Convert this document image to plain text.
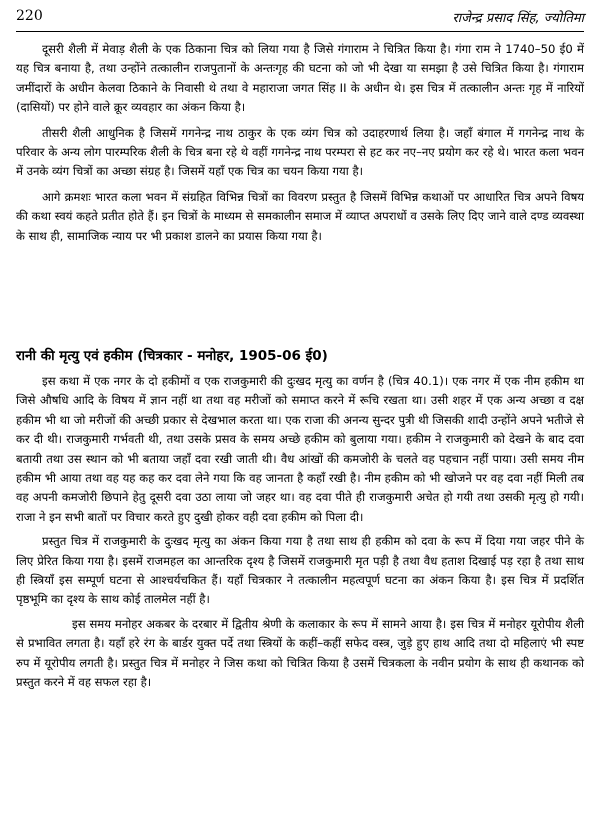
220	राजेन्द्र प्रसाद सिंह, ज्योतिमा

दूसरी शैली में मेवाड़ शैली के एक ठिकाना चित्र को लिया गया है जिसे गंगाराम ने चित्रित किया है। गंगा राम ने 1740–50 ई0 में यह चित्र बनाया है, तथा उन्होंने तत्कालीन राजपुतानों के अन्तःगृह की घटना को जो भी देखा या समझा है उसे चित्रित किया है। गंगाराम जमींदारों के अधीन केलवा ठिकाने के निवासी थे तथा वे महाराजा जगत सिंह II के अधीन थे। इस चित्र में तत्कालीन अन्तः गृह में नारियों (दासियों) पर होने वाले क्रूर व्यवहार का अंकन किया है।

तीसरी शैली आधुनिक है जिसमें गगनेन्द्र नाथ ठाकुर के एक व्यंग चित्र को उदाहरणार्थ लिया है। जहाँ बंगाल में गगनेन्द्र नाथ के परिवार के अन्य लोग पारम्परिक शैली के चित्र बना रहे थे वहीं गगनेन्द्र नाथ परम्परा से हट कर नए–नए प्रयोग कर रहे थे। भारत कला भवन में उनके व्यंग चित्रों का अच्छा संग्रह है। जिसमें यहाँ एक चित्र का चयन किया गया है।

आगे क्रमशः भारत कला भवन में संग्रहित विभिन्न चित्रों का विवरण प्रस्तुत है जिसमें विभिन्न कथाओं पर आधारित चित्र अपने विषय की कथा स्वयं कहते प्रतीत होते हैं। इन चित्रों के माध्यम से समकालीन समाज में व्याप्त अपराधों व उसके लिए दिए जाने वाले दण्ड व्यवस्था के साथ ही, सामाजिक न्याय पर भी प्रकाश डालने का प्रयास किया गया है।

रानी की मृत्यु एवं हकीम (चित्रकार - मनोहर, 1905-06 ई0)

इस कथा में एक नगर के दो हकीमों व एक राजकुमारी की दुःखद मृत्यु का वर्णन है (चित्र 40.1)। एक नगर में एक नीम हकीम था जिसे औषधि आदि के विषय में ज्ञान नहीं था तथा वह मरीजों को समाप्त करने में रूचि रखता था। उसी शहर में एक अन्य अच्छा व दक्ष हकीम भी था जो मरीजों की अच्छी प्रकार से देखभाल करता था। एक राजा की अनन्य सुन्दर पुत्री थी जिसकी शादी उन्होंने अपने भतीजे से कर दी थी। राजकुमारी गर्भवती थी, तथा उसके प्रसव के समय अच्छे हकीम को बुलाया गया। हकीम ने राजकुमारी को देखने के बाद दवा बतायी तथा उस स्थान को भी बताया जहाँ दवा रखी जाती थी। वैध आंखों की कमजोरी के चलते वह पहचान नहीं पाया। उसी समय नीम हकीम भी आया तथा वह यह कह कर दवा लेने गया कि वह जानता है कहाँ रखी है। नीम हकीम को भी खोजने पर वह दवा नहीं मिली तब वह अपनी कमजोरी छिपाने हेतु दूसरी दवा उठा लाया जो जहर था। वह दवा पीते ही राजकुमारी अचेत हो गयी तथा उसकी मृत्यु हो गयी। राजा ने इन सभी बातों पर विचार करते हुए दुखी होकर वही दवा हकीम को पिला दी।

प्रस्तुत चित्र में राजकुमारी के दुःखद मृत्यु का अंकन किया गया है तथा साथ ही हकीम को दवा के रूप में दिया गया जहर पीने के लिए प्रेरित किया गया है। इसमें राजमहल का आन्तरिक दृश्य है जिसमें राजकुमारी मृत पड़ी है तथा वैध हताश दिखाई पड़ रहा है तथा साथ ही स्त्रियाँ इस सम्पूर्ण घटना से आश्चर्यचकित हैं। यहाँ चित्रकार ने तत्कालीन महत्वपूर्ण घटना का अंकन किया है। इस चित्र में प्रदर्शित पृष्ठभूमि का दृश्य के साथ कोई तालमेल नहीं है।

इस समय मनोहर अकबर के दरबार में द्वितीय श्रेणी के कलाकार के रूप में सामने आया है। इस चित्र में मनोहर यूरोपीय शैली से प्रभावित लगता है। यहाँ हरे रंग के बार्डर युक्त पर्दे तथा स्त्रियों के कहीं–कहीं सफेद वस्त्र, जुड़े हुए हाथ आदि तथा दो महिलाएं भी स्पष्ट रुप में यूरोपीय लगती है। प्रस्तुत चित्र में मनोहर ने जिस कथा को चित्रित किया है उसमें चित्रकला के नवीन प्रयोग के साथ ही कथानक को प्रस्तुत करने में वह सफल रहा है।
